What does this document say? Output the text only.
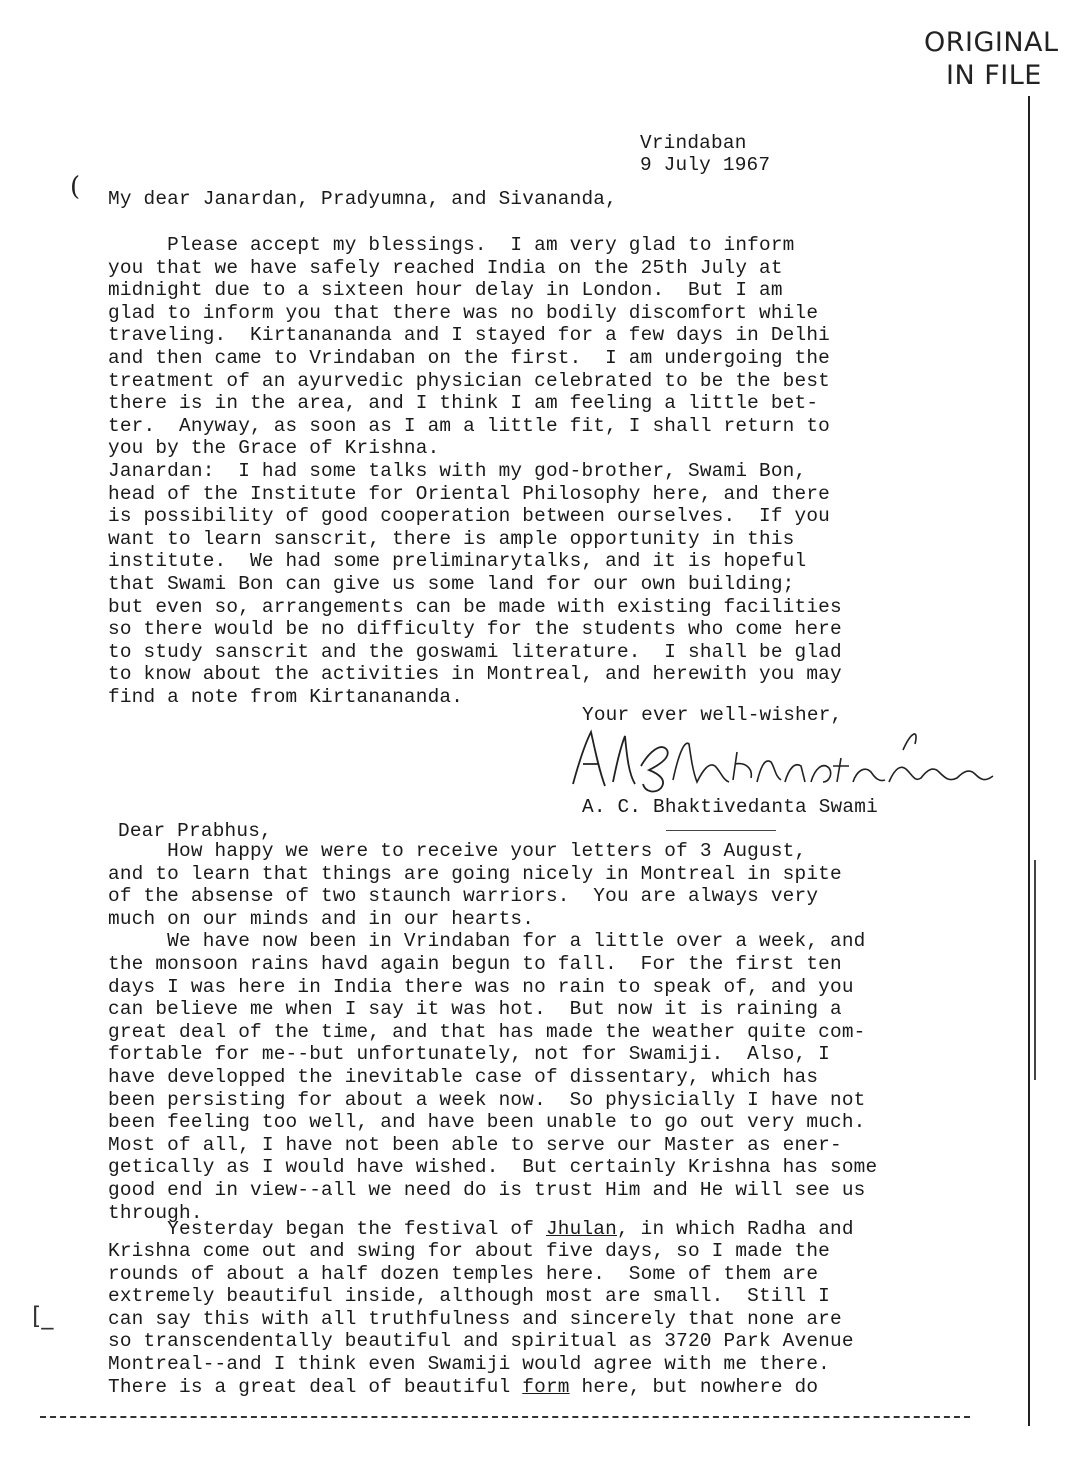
ORIGINAL
IN FILE
Vrindaban
9 July 1967
( My dear Janardan, Pradyumna, and Sivananda,
Please accept my blessings.  I am very glad to inform
you that we have safely reached India on the 25th July at
midnight due to a sixteen hour delay in London.  But I am
glad to inform you that there was no bodily discomfort while
traveling.  Kirtanananda and I stayed for a few days in Delhi
and then came to Vrindaban on the first.  I am undergoing the
treatment of an ayurvedic physician celebrated to be the best
there is in the area, and I think I am feeling a little bet-
ter.  Anyway, as soon as I am a little fit, I shall return to
you by the Grace of Krishna.
Janardan:  I had some talks with my god-brother, Swami Bon,
head of the Institute for Oriental Philosophy here, and there
is possibility of good cooperation between ourselves.  If you
want to learn sanscrit, there is ample opportunity in this
institute.  We had some preliminarytalks, and it is hopeful
that Swami Bon can give us some land for our own building;
but even so, arrangements can be made with existing facilities
so there would be no difficulty for the students who come here
to study sanscrit and the goswami literature.  I shall be glad
to know about the activities in Montreal, and herewith you may
find a note from Kirtanananda.
Your ever well-wisher,
A. C. Bhaktivedanta Swami
Dear Prabhus,
How happy we were to receive your letters of 3 August,
and to learn that things are going nicely in Montreal in spite
of the absense of two staunch warriors.  You are always very
much on our minds and in our hearts.
We have now been in Vrindaban for a little over a week, and
the monsoon rains havd again begun to fall.  For the first ten
days I was here in India there was no rain to speak of, and you
can believe me when I say it was hot.  But now it is raining a
great deal of the time, and that has made the weather quite com-
fortable for me--but unfortunately, not for Swamiji.  Also, I
have developped the inevitable case of dissentary, which has
been persisting for about a week now.  So physicially I have not
been feeling too well, and have been unable to go out very much.
Most of all, I have not been able to serve our Master as ener-
getically as I would have wished.  But certainly Krishna has some
good end in view--all we need do is trust Him and He will see us
through.
Yesterday began the festival of Jhulan, in which Radha and
Krishna come out and swing for about five days, so I made the
rounds of about a half dozen temples here.  Some of them are
extremely beautiful inside, although most are small.  Still I
can say this with all truthfulness and sincerely that none are
so transcendentally beautiful and spiritual as 3720 Park Avenue
Montreal--and I think even Swamiji would agree with me there.
There is a great deal of beautiful form here, but nowhere do
[_
